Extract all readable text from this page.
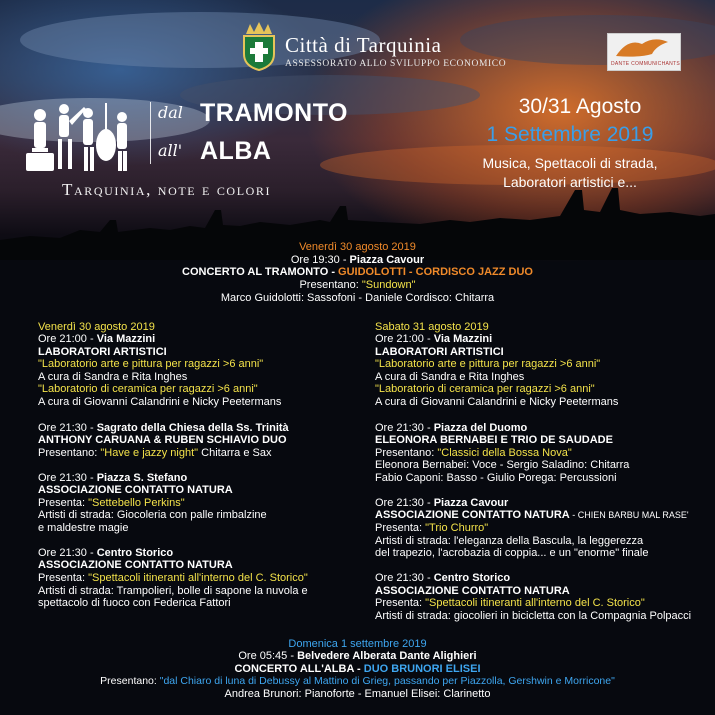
Città di Tarquinia
ASSESSORATO ALLO SVILUPPO ECONOMICO	DANTE COMMUNICHANTS
dal TRAMONTO
all' ALBA
Tarquinia, note e colori
30/31 Agosto
1 Settembre 2019
Musica, Spettacoli di strada,
Laboratori artistici e...
Venerdì 30 agosto 2019
Ore 19:30 - Piazza Cavour
CONCERTO AL TRAMONTO - GUIDOLOTTI - CORDISCO JAZZ DUO
Presentano: "Sundown"
Marco Guidolotti: Sassofoni - Daniele Cordisco: Chitarra
Venerdì 30 agosto 2019
Ore 21:00 - Via Mazzini
LABORATORI ARTISTICI
"Laboratorio arte e pittura per ragazzi >6 anni"
A cura di Sandra e Rita Inghes
"Laboratorio di ceramica per ragazzi >6 anni"
A cura di Giovanni Calandrini e Nicky Peetermans
Ore 21:30 - Sagrato della Chiesa della Ss. Trinità
ANTHONY CARUANA & RUBEN SCHIAVIO DUO
Presentano: "Have e jazzy night" Chitarra e Sax
Ore 21:30 - Piazza S. Stefano
ASSOCIAZIONE CONTATTO NATURA
Presenta: "Settebello Perkins"
Artisti di strada: Giocoleria con palle rimbalzine
e maldestre magie
Ore 21:30 - Centro Storico
ASSOCIAZIONE CONTATTO NATURA
Presenta: "Spettacoli itineranti all'interno del C. Storico"
Artisti di strada: Trampolieri, bolle di sapone la nuvola e
spettacolo di fuoco con Federica Fattori
Sabato 31 agosto 2019
Ore 21:00 - Via Mazzini
LABORATORI ARTISTICI
"Laboratorio arte e pittura per ragazzi >6 anni"
A cura di Sandra e Rita Inghes
"Laboratorio di ceramica per ragazzi >6 anni"
A cura di Giovanni Calandrini e Nicky Peetermans
Ore 21:30 - Piazza del Duomo
ELEONORA BERNABEI E TRIO DE SAUDADE
Presentano: "Classici della Bossa Nova"
Eleonora Bernabei: Voce - Sergio Saladino: Chitarra
Fabio Caponi: Basso - Giulio Porega: Percussioni
Ore 21:30 - Piazza Cavour
ASSOCIAZIONE CONTATTO NATURA - CHIEN BARBU MAL RASE'
Presenta: "Trio Churro"
Artisti di strada: l'eleganza della Bascula, la leggerezza
del trapezio, l'acrobazia di coppia... e un "enorme" finale
Ore 21:30 - Centro Storico
ASSOCIAZIONE CONTATTO NATURA
Presenta: "Spettacoli itineranti all'interno del C. Storico"
Artisti di strada: giocolieri in bicicletta con la Compagnia Polpacci
Domenica 1 settembre 2019
Ore 05:45 - Belvedere Alberata Dante Alighieri
CONCERTO ALL'ALBA - DUO BRUNORI ELISEI
Presentano: "dal Chiaro di luna di Debussy al Mattino di Grieg, passando per Piazzolla, Gershwin e Morricone"
Andrea Brunori: Pianoforte - Emanuel Elisei: Clarinetto
